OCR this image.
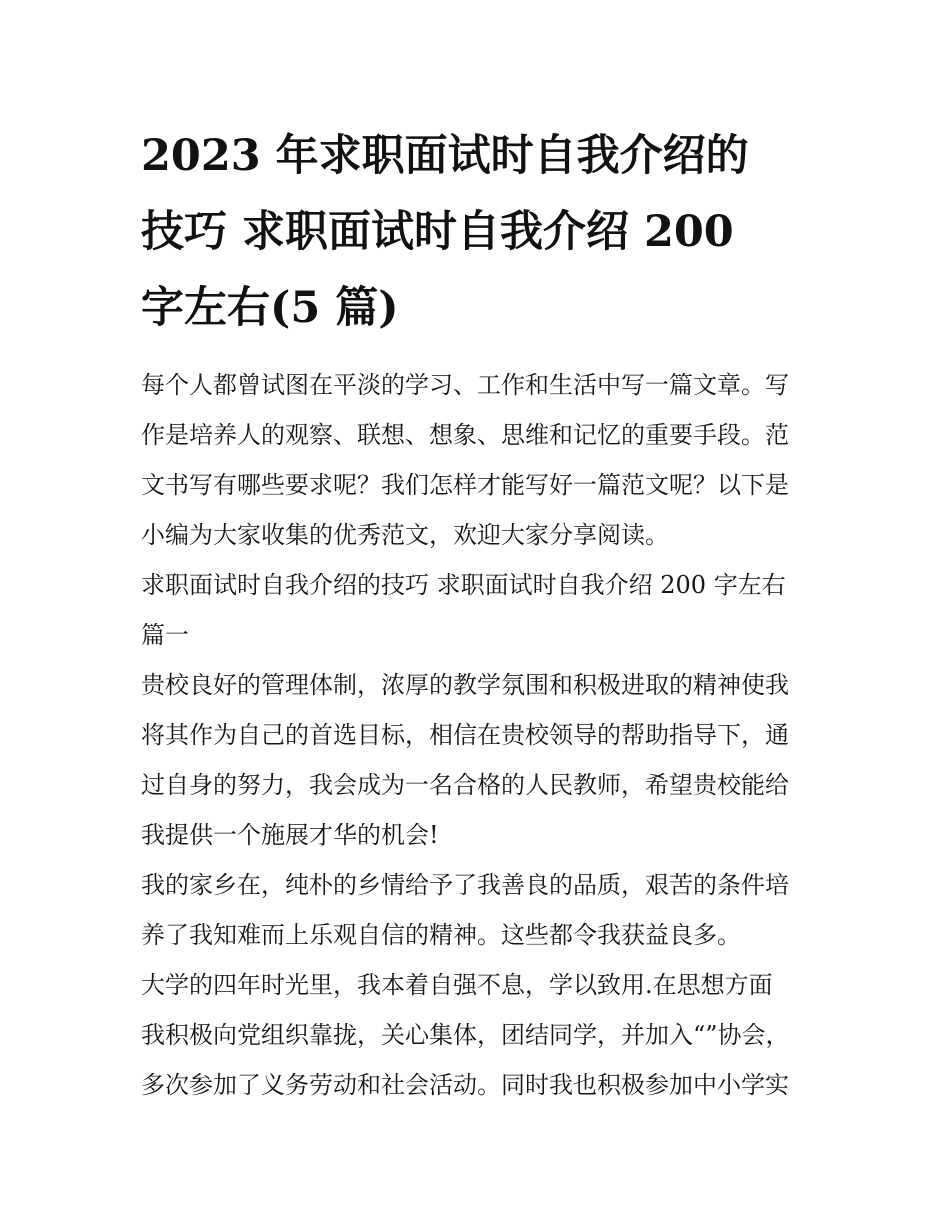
2023 年求职面试时自我介绍的
技巧 求职面试时自我介绍 200
字左右(5 篇)
每个人都曾试图在平淡的学习、工作和生活中写一篇文章。写
作是培养人的观察、联想、想象、思维和记忆的重要手段。范
文书写有哪些要求呢？我们怎样才能写好一篇范文呢？以下是
小编为大家收集的优秀范文，欢迎大家分享阅读。
求职面试时自我介绍的技巧 求职面试时自我介绍 200 字左右
篇一
贵校良好的管理体制，浓厚的教学氛围和积极进取的精神使我
将其作为自己的首选目标，相信在贵校领导的帮助指导下，通
过自身的努力，我会成为一名合格的人民教师，希望贵校能给
我提供一个施展才华的机会!
我的家乡在，纯朴的乡情给予了我善良的品质，艰苦的条件培
养了我知难而上乐观自信的精神。这些都令我获益良多。
大学的四年时光里，我本着自强不息，学以致用.在思想方面
我积极向党组织靠拢，关心集体，团结同学，并加入“”协会，
多次参加了义务劳动和社会活动。同时我也积极参加中小学实
